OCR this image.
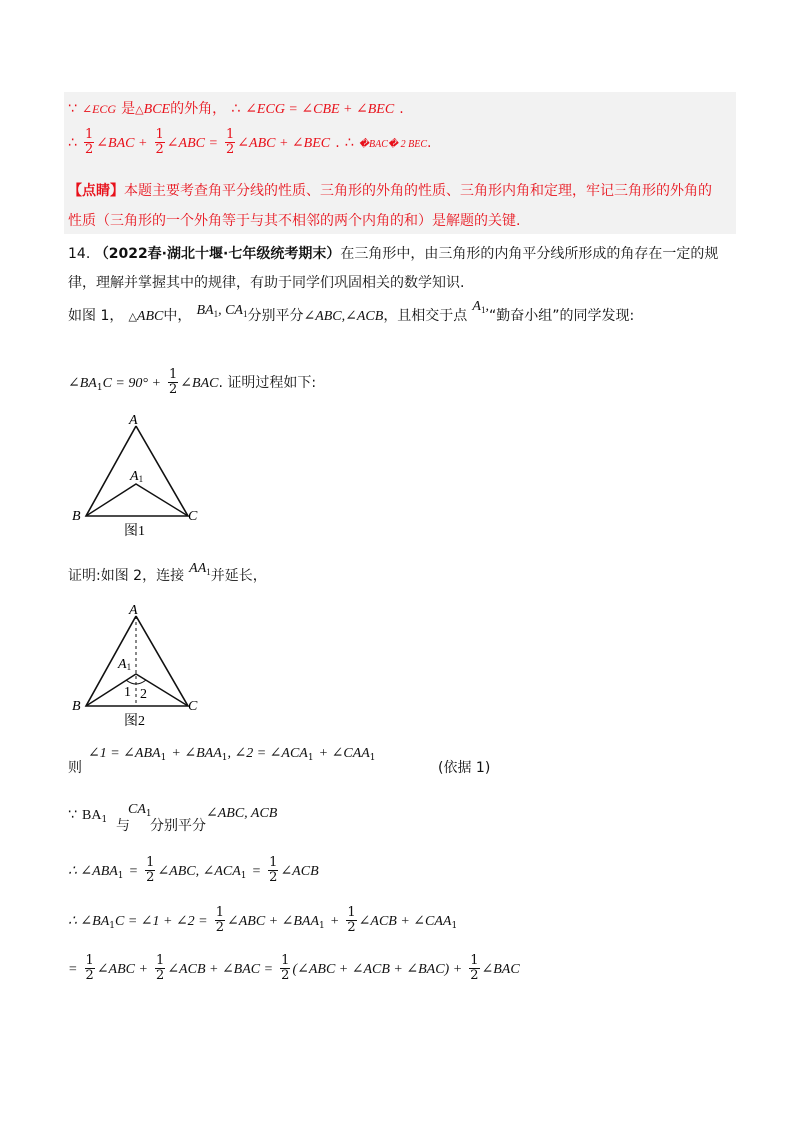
∵ ∠ECG 是△BCE的外角， ∴ ∠ECG = ∠CBE + ∠BEC .
∴ $\frac{1}{2}$ ∠BAC + $\frac{1}{2}$ ∠ABC = $\frac{1}{2}$ ∠ABC + ∠BEC . ∴ �BAC� 2 BEC.
【点睛】本题主要考查角平分线的性质、三角形的外角的性质、三角形内角和定理，牢记三角形的外角的
性质（三角形的一个外角等于与其不相邻的两个内角的和）是解题的关键.
14. （2022春·湖北十堰·七年级统考期末）在三角形中，由三角形的内角平分线所形成的角存在一定的规
律，理解并掌握其中的规律，有助于同学们巩固相关的数学知识.
如图 1， △ABC中， $BA_1$, $CA_1$分别平分∠ABC,∠ACB，且相交于点 $A_1,“$勤奋小组”的同学发现:
$\angle BA_1C = 90^\circ + \frac{1}{2}$ ∠BAC. 证明过程如下:
A
A1
B	C
图1
证明:如图 2，连接 $AA_1$并延长，
A
A1
1 2
B	C
图2
∠1 = $\angle ABA_1$ + $\angle BAA_1$, ∠2 = $\angle ACA_1$ + $\angle CAA_1$
则	(依据 1)
∵ $BA_1$ 与
$CA_1$
分别平分
∠ABC, ACB
∴ $\angle ABA_1 = \frac{1}{2}$ ∠ABC, $\angle ACA_1 = \frac{1}{2}$ ∠ACB
∴ $\angle BA_1C$ = ∠1 + ∠2 = $\frac{1}{2}$ ∠ABC + $\angle BAA_1 + \frac{1}{2}$ ∠ACB + $\angle CAA_1$
= $\frac{1}{2}$ ∠ABC + $\frac{1}{2}$ ∠ACB + ∠BAC = $\frac{1}{2}$ (∠ABC + ∠ACB + ∠BAC) + $\frac{1}{2}$ ∠BAC
